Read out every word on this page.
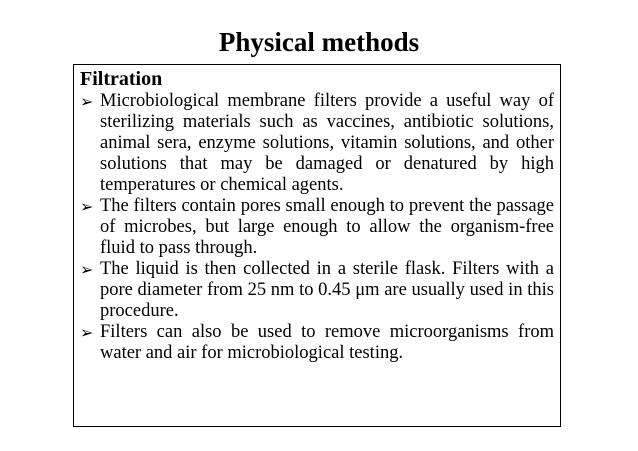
Physical methods
Filtration
➢ Microbiological membrane filters provide a useful way of sterilizing materials such as vaccines, antibiotic solutions, animal sera, enzyme solutions, vitamin solutions, and other solutions that may be damaged or denatured by high temperatures or chemical agents.
➢ The filters contain pores small enough to prevent the passage of microbes, but large enough to allow the organism-free fluid to pass through.
➢ The liquid is then collected in a sterile flask. Filters with a pore diameter from 25 nm to 0.45 μm are usually used in this procedure.
➢ Filters can also be used to remove microorganisms from water and air for microbiological testing.
